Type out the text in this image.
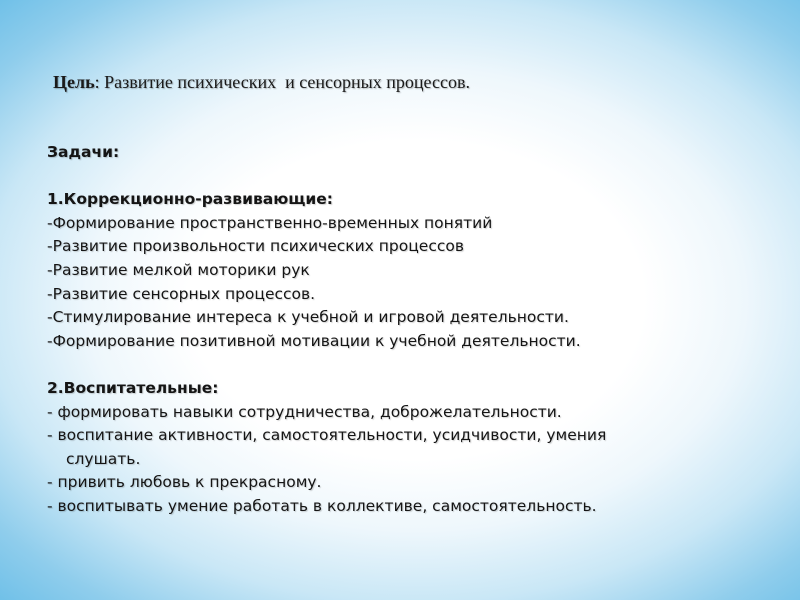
Цель: Развитие психических  и сенсорных процессов.
Задачи:
1.Коррекционно-развивающие:
-Формирование пространственно-временных понятий
-Развитие произвольности психических процессов
-Развитие мелкой моторики рук
-Развитие сенсорных процессов.
-Стимулирование интереса к учебной и игровой деятельности.
-Формирование позитивной мотивации к учебной деятельности.
2.Воспитательные:
- формировать навыки сотрудничества, доброжелательности.
- воспитание активности, самостоятельности, усидчивости, умения
слушать.
- привить любовь к прекрасному.
- воспитывать умение работать в коллективе, самостоятельность.
